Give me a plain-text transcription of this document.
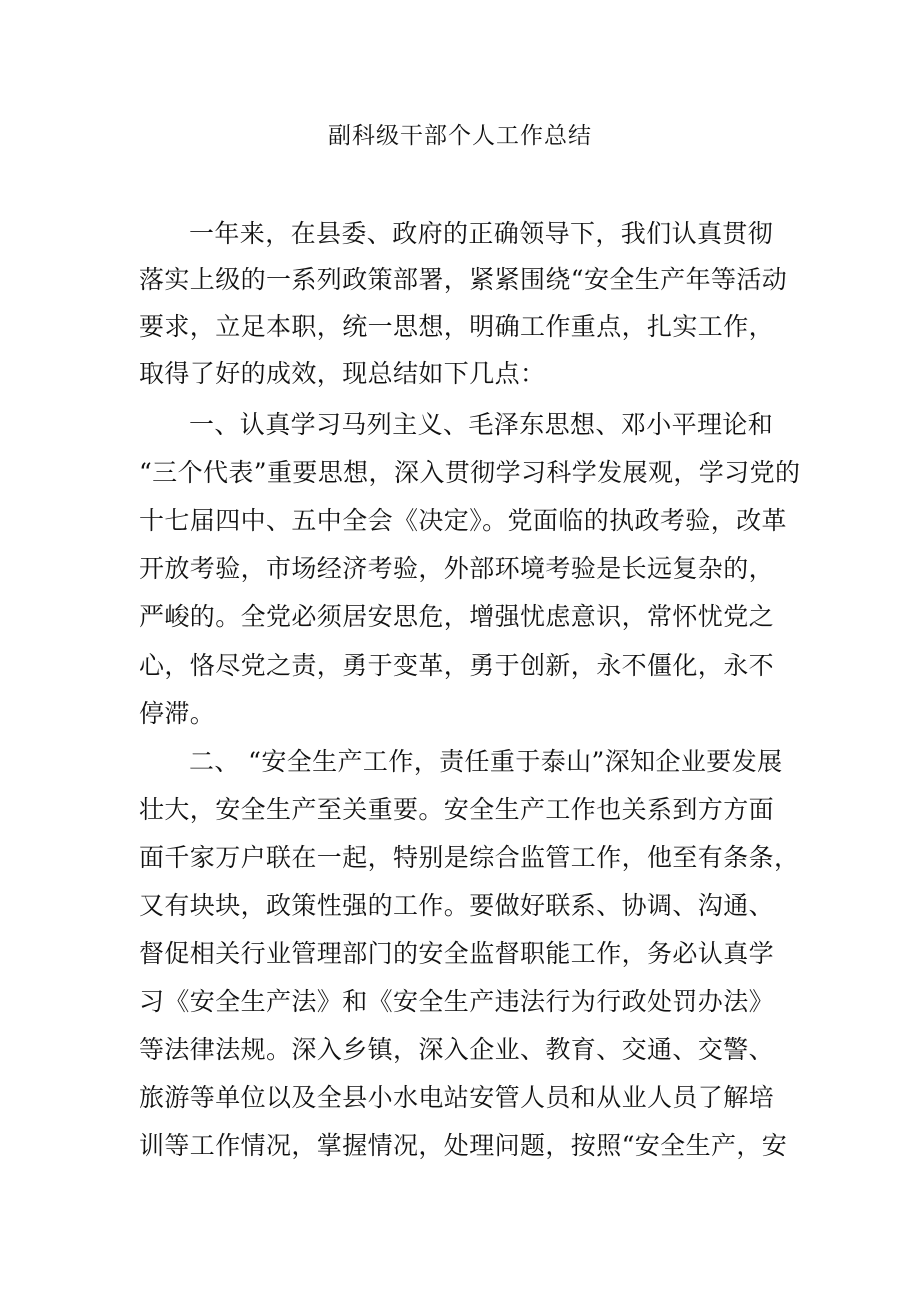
副科级干部个人工作总结
一年来，在县委、政府的正确领导下，我们认真贯彻
落实上级的一系列政策部署，紧紧围绕“安全生产年等活动
要求，立足本职，统一思想，明确工作重点，扎实工作，
取得了好的成效，现总结如下几点：
一、认真学习马列主义、毛泽东思想、邓小平理论和
“三个代表”重要思想，深入贯彻学习科学发展观，学习党的
十七届四中、五中全会《决定》。党面临的执政考验，改革
开放考验，市场经济考验，外部环境考验是长远复杂的，
严峻的。全党必须居安思危，增强忧虑意识，常怀忧党之
心，恪尽党之责，勇于变革，勇于创新，永不僵化，永不
停滞。
二、 “安全生产工作，责任重于泰山”深知企业要发展
壮大，安全生产至关重要。安全生产工作也关系到方方面
面千家万户联在一起，特别是综合监管工作，他至有条条，
又有块块，政策性强的工作。要做好联系、协调、沟通、
督促相关行业管理部门的安全监督职能工作，务必认真学
习《安全生产法》和《安全生产违法行为行政处罚办法》
等法律法规。深入乡镇，深入企业、教育、交通、交警、
旅游等单位以及全县小水电站安管人员和从业人员了解培
训等工作情况，掌握情况，处理问题，按照“安全生产，安
